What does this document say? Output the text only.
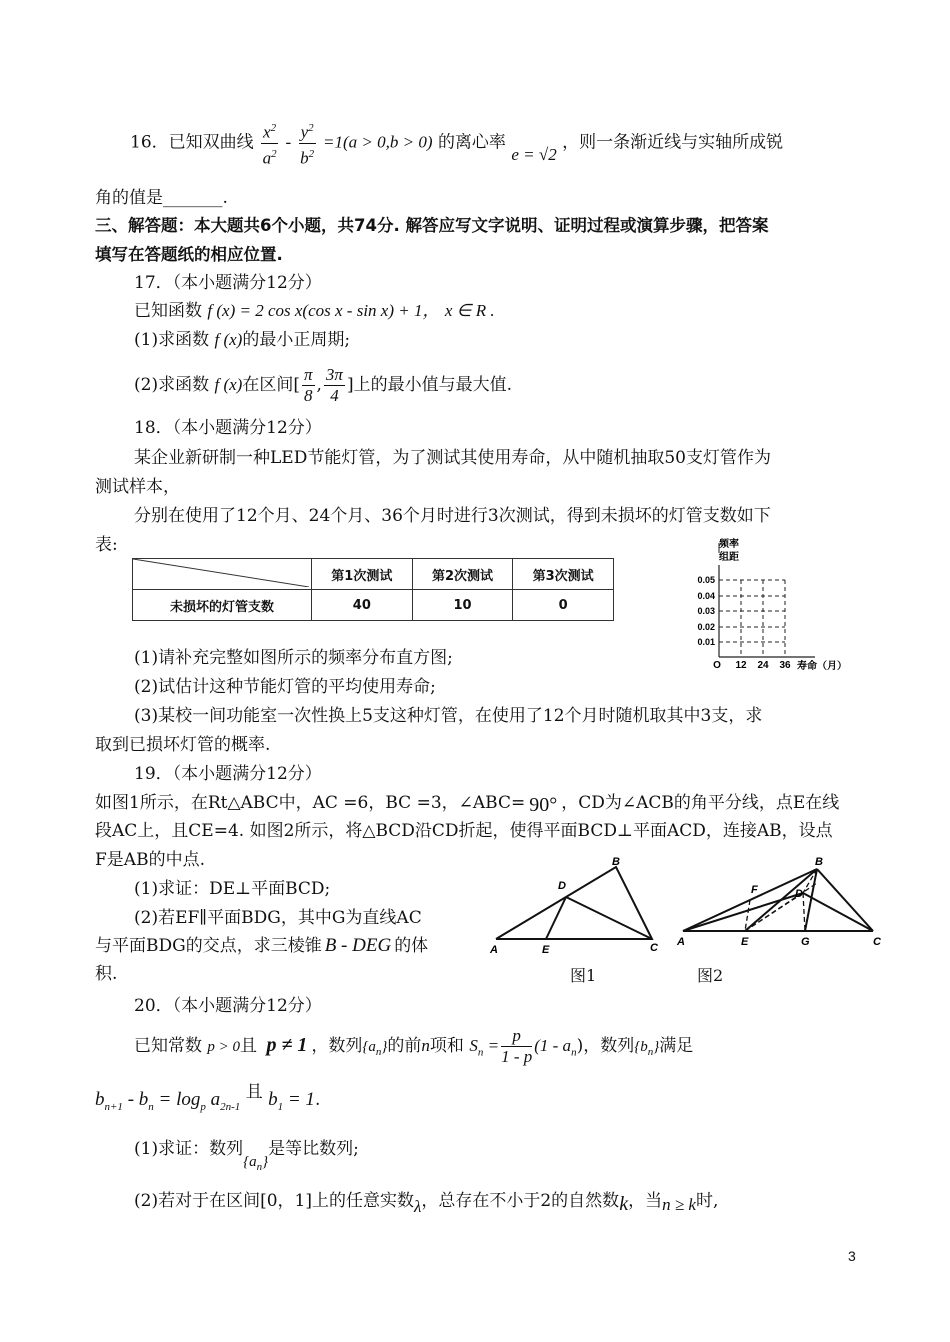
16．已知双曲线 $\frac{x^2}{a^2} - \frac{y^2}{b^2} =1(a > 0,b > 0)$ 的离心率 e = √2 ，则一条渐近线与实轴所成锐
角的值是_______.
三、解答题：本大题共6个小题，共74分. 解答应写文字说明、证明过程或演算步骤，把答案
填写在答题纸的相应位置.
17．（本小题满分12分）
已知函数 f (x) = 2 cos x(cos x - sin x) + 1， x ∈ R .
(1)求函数 f (x)的最小正周期;
(2)求函数 f (x)在区间[ $\frac{\pi}{8}$ , $\frac{3\pi}{4}$ ]上的最小值与最大值.
18．（本小题满分12分）
某企业新研制一种LED节能灯管，为了测试其使用寿命，从中随机抽取50支灯管作为
测试样本，
分别在使用了12个月、24个月、36个月时进行3次测试，得到未损坏的灯管支数如下
表:
	第1次测试	第2次测试	第3次测试
未损坏的灯管支数	40	10	0
频率
组距
0.05
0.04
0.03
0.02
0.01
O 12 24 36 寿命（月）
(1)请补充完整如图所示的频率分布直方图;
(2)试估计这种节能灯管的平均使用寿命;
(3)某校一间功能室一次性换上5支这种灯管，在使用了12个月时随机取其中3支，求
取到已损坏灯管的概率.
19．（本小题满分12分）
如图1所示，在Rt△ABC中，AC =6，BC =3，∠ABC= 90° ，CD为∠ACB的角平分线，点E在线
段AC上，且CE=4. 如图2所示，将△BCD沿CD折起，使得平面BCD⊥平面ACD，连接AB，设点
F是AB的中点.
(1)求证：DE⊥平面BCD;
(2)若EF∥平面BDG，其中G为直线AC
与平面BDG的交点，求三棱锥 B - DEG 的体
积.
A
B
C
D
E
图1
A
B
C
D
E
F
G
图2
20．（本小题满分12分）
已知常数 p > 0且 p ≠ 1 ，数列$\{a_n\}$的前n项和 $S_n = \frac{p}{1 - p} (1 - a_n)$，数列$\{b_n\}$满足
$b_{n+1} - b_n = \log_p a_{2n-1}$ 且 $b_1 = 1$.
(1)求证：数列$\{a_n\}$是等比数列;
(2)若对于在区间[0，1]上的任意实数λ，总存在不小于2的自然数k，当n ≥ k时,
3
